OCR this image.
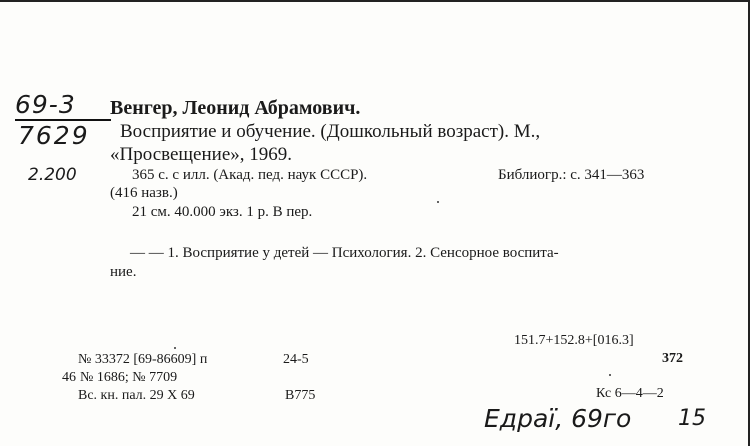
69-3
7629
2.200
Венгер, Леонид Абрамович.
Восприятие и обучение. (Дошкольный возраст). М.,
«Просвещение», 1969.
365 с. с илл. (Акад. пед. наук СССР).	Библиогр.: с. 341—363
(416 назв.)
21 см. 40.000 экз. 1 р. В пер.
— — 1. Восприятие у детей — Психология. 2. Сенсорное воспита-
ние.
151.7+152.8+[016.3]
372
№ 33372 [69-86609] п	24-5
46 № 1686; № 7709
Вс. кн. пал. 29 X 69	В775	Кс 6—4—2
Едраї, 69го 15
